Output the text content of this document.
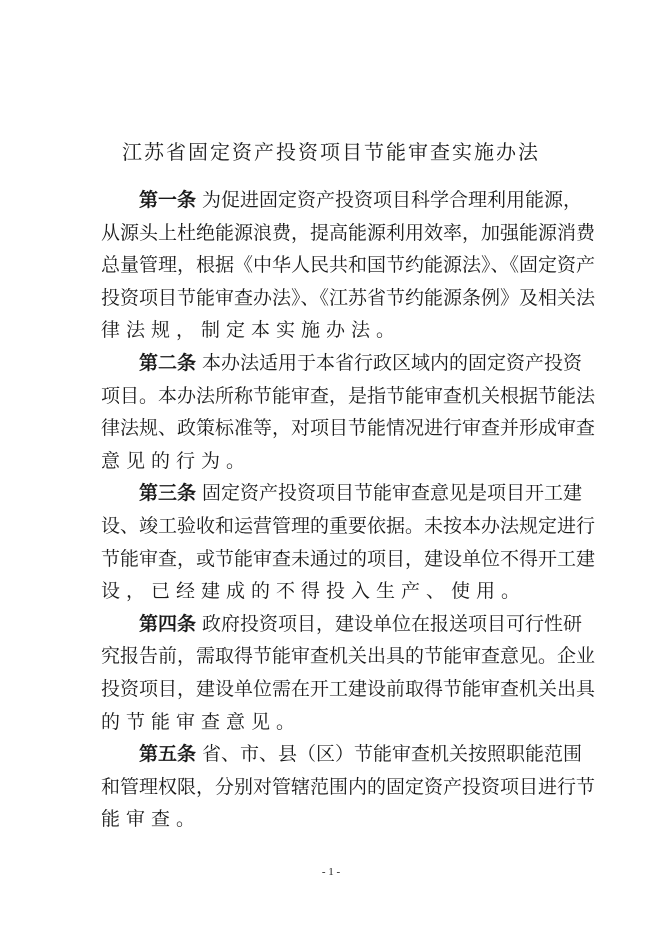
江苏省固定资产投资项目节能审查实施办法
第一条 为促进固定资产投资项目科学合理利用能源，
从源头上杜绝能源浪费，提高能源利用效率，加强能源消费
总量管理，根据《中华人民共和国节约能源法》、《固定资产
投资项目节能审查办法》、《江苏省节约能源条例》及相关法
律法规，制定本实施办法。
第二条 本办法适用于本省行政区域内的固定资产投资
项目。本办法所称节能审查，是指节能审查机关根据节能法
律法规、政策标准等，对项目节能情况进行审查并形成审查
意见的行为。
第三条 固定资产投资项目节能审查意见是项目开工建
设、竣工验收和运营管理的重要依据。未按本办法规定进行
节能审查，或节能审查未通过的项目，建设单位不得开工建
设，已经建成的不得投入生产、使用。
第四条 政府投资项目，建设单位在报送项目可行性研
究报告前，需取得节能审查机关出具的节能审查意见。企业
投资项目，建设单位需在开工建设前取得节能审查机关出具
的节能审查意见。
第五条 省、市、县（区）节能审查机关按照职能范围
和管理权限，分别对管辖范围内的固定资产投资项目进行节
能审查。
- 1 -
